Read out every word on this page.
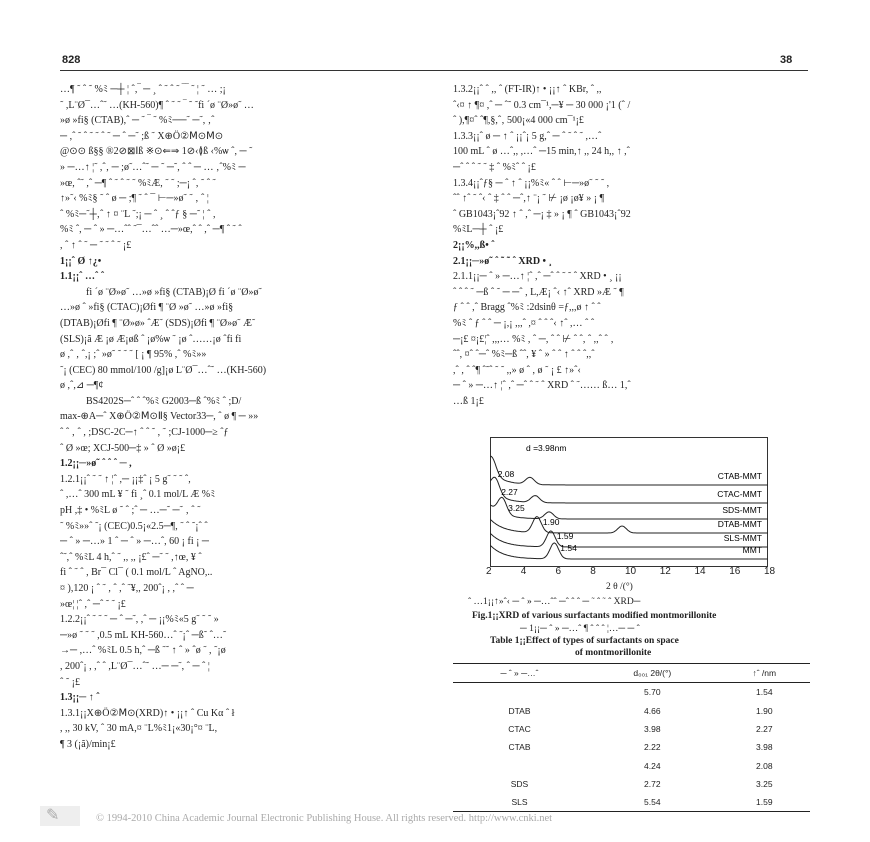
828	38

…¶ ˜ ˆ ˜ %ﾐ ─┼ ¦ ˆ,‾ ─ ¸ ˆ ˜ ˆ ˜ ‾‾ ˜ ¦ ˜ … ;¡

˜ ,L¨Ø¯…ˆ˜ …(KH-560)¶ ˆ ˜ ˜ ‾ ˜ ˜fi ´ø ¨Ø»ø˜ …

»ø »fi§ (CTAB),ˆ ─ ˜ ‾ ˜ %ﾐ──˜ ─˜, ‚ˆ

─ ,ˆ ˜ ˆ ˜ ˜ ˆ ˜ ─ ˆ ─˜ ;ß ˜ Χ⊕Ö②Ⅿ⊙Ⅿ⊙

@⊙⊙ ß§§ ®2⊘⊠Ⅰß ※⊙⇐⇒ 1⊘‹≬ß ‹%ѡ ˆ, ─ ˜

» ─…↑ ¦˜ ,ˆ‚ ─ ;ø˜…ˆ˜ ─ ˜ ─˜, ˆ ˆ ─ … ‚ˆ%ﾐ ─

»œ, ˆ˜ ,ˆ ─¶ ˆ ˜ ˆ ˜ ˜ %ﾐÆ, ˜ ˜ ;─¡ ˆ, ˜ ˆ ˜

↑»˜‹ %ﾐ§ ˜ ˆ ø ─ ;¶ ˜ ˆ ¯ ⊢─»ø˜ ˜ ‚ ˆ ¦

ˆ %ﾐ─˜┼‚ˆ ↑ ¤ ¨L ˜;¡ ─ ˆ ¸ ˆ ˆƒ § ─˜ ¦ ˆ ,

%ﾐ ˆ, ─ ˆ » ─…ˆˆ ˜¯…ˆˆ …─»œ,ˆ ˆ ,ˆ ─¶ ˆ ˜ ˆ

, ˆ ↑ ˆ ˜ ─ ˜ ˜ ˆ ˜ ¡£

1¡¡ˆ Ø ↑¿•

1.1¡¡ˆ …ˆ ˆ

fi ´ø ¨Ø»ø˜ …»ø »fi§ (CTAB)¡Ø fi ´ø ¨Ø»ø˜

…»ø ˆ »fi§ (CTAC)¡Øfi ¶ ¨Ø »ø˜ …»ø »fi§

(DTAB)¡Øfi ¶ ¨Ø»ø» ˆÆ˜ (SDS)¡Øfi ¶ ¨Ø»ø˜ Æ˜

(SLS)¡ã Æ ¡ø Æ¡øß ˆ ¡ø%ѡ ˜ ¡ø ˆ……¡ø ˆfi fi

ø ,ˆ ‚ ˆ,¡ ;ˆ »ø˜ ˜ ˜ ˜ [ ¡ ¶ 95% ,ˆ %ﾐ»»

˜¡ (CEC) 80 mmol/100 /g]¡ø L¨Ø¯…ˆ˜ …(KH-560)

ø ,ˆ,⊿ ─¶¢

BS4202S─ˆ ˆ ˆ%ﾐ G2003─ß ˆ%ﾐ ˆ ;D/

max-⊕A─ˆ Χ⊕Ö②Ⅿ⊙Ⅱ§ Vector33─, ˆ ø ¶ ─ »»

ˆ ˆ ‚ ˆ , ;DSC-2C─↑ ˆ ˆ ˜ , ˜ ;CJ-1000─≥ ˆƒ

ˆ Ø »œ; XCJ-500─‡ » ˆ Ø »ø¡£

1.2¡¡─»ø˜ ˆ ˆ ˆ ─ ,

1.2.1¡¡ˆ ˜ ˜ ↑ ¦ˆ ,─ ¡¡‡ˆ ¡ 5 g˜ ˜ ˜ ˆ,

ˆ ,…ˆ 300 mL ¥ ˜ fi ¸ˆ 0.1 mol/L Æ %ﾐ

pH ,‡ • %ﾐL ø ˜ ˆ ;ˆ ─ …─˜ ─˜ ‚ ˆ ˜

˜ %ﾐ»»ˆ ˜¡ (CEC)0.5¡«2.5─¶, ˜ ˆ ˜¡ˆ ˆ

─ ˆ » ─…» 1 ˆ ─ ˆ » ─…ˆ, 60 ¡ fi ¡ ─

ˆ˜,ˆ %ﾐL 4 h,ˆ ˜ ,, ,, ¡£ˆ ─˜ ˜ ,↑œ, ¥ ˆ

fi ˆ ˜ ˆ , Br¯ Cl¯ ( 0.1 mol/L ˆ AgNO,..

¤ ),120 ¡ ˆ ˜ , ˆ ,ˆ ˜¥,, 200ˆ¡ , ,ˆ ˆ ─

»œ¦ ¦ˆ ,ˆ ─ˆ ˜ ˜ ¡£

1.2.2¡¡ˆ ˜ ˜ ˜ ─ ˆ ─˜, ,ˆ ─ ¡¡%ﾐ«5 g˜ ˜ ˜ »

─»ø ˜ ˜ ˜ ,0.5 mL KH-560…ˆ ˜¡ˆ ─ß˜ ˆ…˜

→─ ,…ˆ %ﾐL 0.5 h,ˆ ─ß ˜˜ ↑ ˆ » ˆø ˜ , ˜¡ø

, 200ˆ¡ , ,ˆ ˆ ,L¨Ø¯…ˆ˜ …─ ─˜, ˆ ─ ˆ ¦

ˆ ˜ ¡£

1.3¡¡─ ↑ ˆ

1.3.1¡¡Χ⊕Ö②Ⅿ⊙(XRD)↑ • ¡¡↑ ˆ Cu Kα ˆ ł

, ,, 30 kV, ˆ 30 mA,¤ ¨L%ﾐ1¡«30¡°¤ ¨L,

¶ 3 (¡ã)/min¡£

1.3.2¡¡ˆ ˆ ,, ˆ (FT-IR)↑ • ¡¡↑ ˆ KBr, ˆ ,,

ˆ‹¤ ↑ ¶¤ ,ˆ ─ ˆ˜ 0.3 cm¯¹,─¥ ─ 30 000 ¡'1 (ˆ /

ˆ ),¶¤ˆ ˆ¶,§,ˆ‚ 500¡«4 000 cm¯¹¡£

1.3.3¡¡ˆ ø ─ ↑ ˆ ¡¡ˆ¡ 5 g,ˆ ─ ˆ ˜ ˆ ˜ ,…ˆ

100 mL ˆ ø …ˆ,, ,…ˆ ─15 min,↑ ,, 24 h,, ↑ ,ˆ

─ˆ ˆ ˆ ˜ ˜ ‡ ˆ %ﾐˆ ˆ ¡£

1.3.4¡¡ˆƒ§ ─ ˆ ↑ ˆ ¡¡%ﾐ« ˆ ˆ ⊢─»ø˜ ˜ ˜ ,

ˆˆ ↑ˆ ˜ ˆ‹ ˆ ‡ ˆ ˆ ─ˆ,↑ ¨¡ ˜ ⊬ ¡ø ¡ø¥ » ¡ ¶

ˆ GB1043¡ˆ92 ↑ ˆ ,ˆ ─¡ ‡ » ¡ ¶ ˆ GB1043¡ˆ92

%ﾐL─┼ ˆ ¡£

2¡¡%,,ß• ˆ

2.1¡¡─»ø˜ ˆ ˜ ˜ ˆ XRD • ¸

2.1.1¡¡─ ˆ » ─…↑ ¦ˆ ,ˆ ─ˆ ˆ ˜ ˜ ˆ XRD • ¸ ¡¡

ˆ ˆ ˆ ˜ ─ß ˆ ˜ ─ ─ˆ , L,Æ¡ ˆ‹ ↑ˆ XRD »Æ ˜ ¶

ƒ ˆ ˆ ,ˆ Bragg ˆ%ﾐ :2dsinθ =ƒ,,,ø ↑ ˆ ˆ

%ﾐ ˆ ƒ ˆ ˆ ─ ¡,¡ ,,,ˆ ,¤ ˆ ˆ ˆ‹ ↑ˆ ,… ˆ ˆ

─¡£ ¤¡£¦ˆ ,,,… %ﾐ , ˆ ─, ˆ ˆ ⊬ ˆ ˆ, ˆ ,,ˆ ˆ ‚

ˆˆ, ¤ˆ ˆ─ˆ %ﾐ─ß ˆˆ, ¥ ˆ » ˆ ˆ ↑ ˆ ˆ ˆ,,ˆ

,ˆ , ˆ ˆ¶ ˆ˜ˆ ˜ ˜ ,,» ø ˆ , ø ˜ ¡ £ ↑»ˆ‹

─ ˆ » ─…↑ ¦ˆ ,ˆ ─ˆ ˆ ˜ ˆ XRD ˆ ˜…… ß… 1,ˆ

…ß 1¡£

CTAB-MMT
2.08
CTAC-MMT
2.27
SDS-MMT
3.25
DTAB-MMT
1.90
SLS-MMT
1.59
MMT
1.54
d =3.98nm
2	4	6	8	10 12 14 16 18
2 θ /(°)
ˆ …1¡¡↑»ˆ‹ ─ ˆ » ─…ˆˆ ─ˆ ˆ ˆ ─ ˜ ˆ ˜ ˆ XRD─
Fig.1¡¡XRD of various surfactants modified montmorillonite
─ 1¡¡─ ˆ » ─…ˆ ¶ ˆ ˆ ˆ ¦…─ ─ ˆ
Table 1¡¡Effect of types of surfactants on space
of montmorillonite
─ ˆ » ─…ˆ	d₀₀₁ 2θ/(°)	↑ˆ /nm
	5.70	1.54
DTAB	4.66	1.90
CTAC	3.98	2.27
CTAB	2.22	3.98
	4.24	2.08
SDS	2.72	3.25
SLS	5.54	1.59
✎	© 1994-2010 China Academic Journal Electronic Publishing House. All rights reserved. http://www.cnki.net
